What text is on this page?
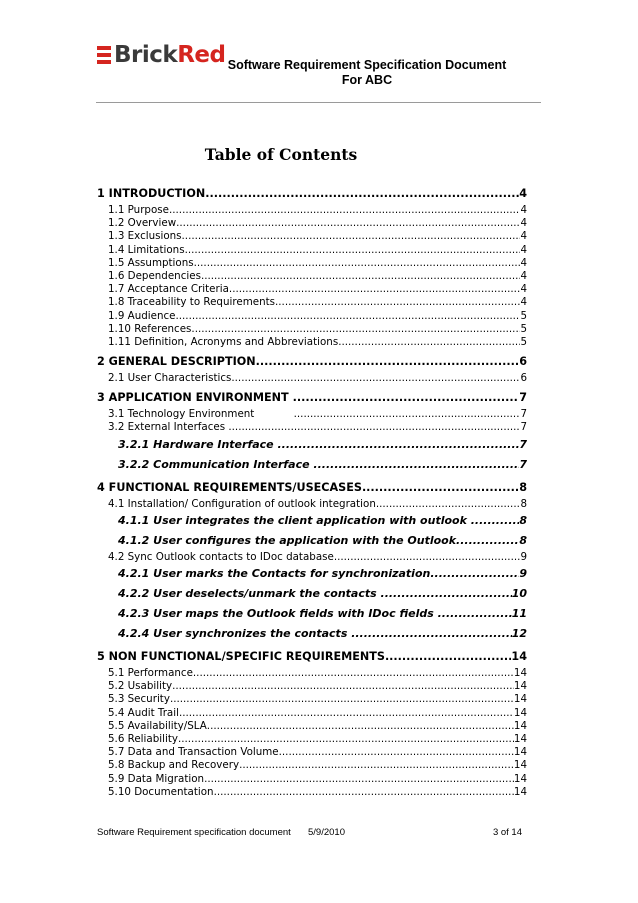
Brick Red Software Requirement Specification Document
For ABC
Table of Contents
1 INTRODUCTION .....	4
1.1 Purpose .....	4
1.2 Overview .....	4
1.3 Exclusions .....	4
1.4 Limitations .....	4
1.5 Assumptions .....	4
1.6 Dependencies .....	4
1.7 Acceptance Criteria .....	4
1.8 Traceability to Requirements .....	4
1.9 Audience .....	5
1.10 References .....	5
1.11 Definition, Acronyms and Abbreviations .....	5
2 GENERAL DESCRIPTION .....	6
2.1 User Characteristics .....	6
3 APPLICATION ENVIRONMENT .....	7
3.1 Technology Environment .....	7
3.2 External Interfaces .....	7
3.2.1 Hardware Interface .....	7
3.2.2 Communication Interface .....	7
4 FUNCTIONAL REQUIREMENTS/USECASES .....	8
4.1 Installation/ Configuration of outlook integration .....	8
4.1.1 User integrates the client application with outlook .....	8
4.1.2 User configures the application with the Outlook .....	8
4.2 Sync Outlook contacts to IDoc database .....	9
4.2.1 User marks the Contacts for synchronization .....	9
4.2.2 User deselects/unmark the contacts .....	10
4.2.3 User maps the Outlook fields with IDoc fields .....	11
4.2.4 User synchronizes the contacts .....	12
5 NON FUNCTIONAL/SPECIFIC REQUIREMENTS .....	14
5.1 Performance .....	14
5.2 Usability .....	14
5.3 Security .....	14
5.4 Audit Trail .....	14
5.5 Availability/SLA .....	14
5.6 Reliability .....	14
5.7 Data and Transaction Volume .....	14
5.8 Backup and Recovery .....	14
5.9 Data Migration .....	14
5.10 Documentation .....	14
Software Requirement specification document 5/9/2010	3 of 14
